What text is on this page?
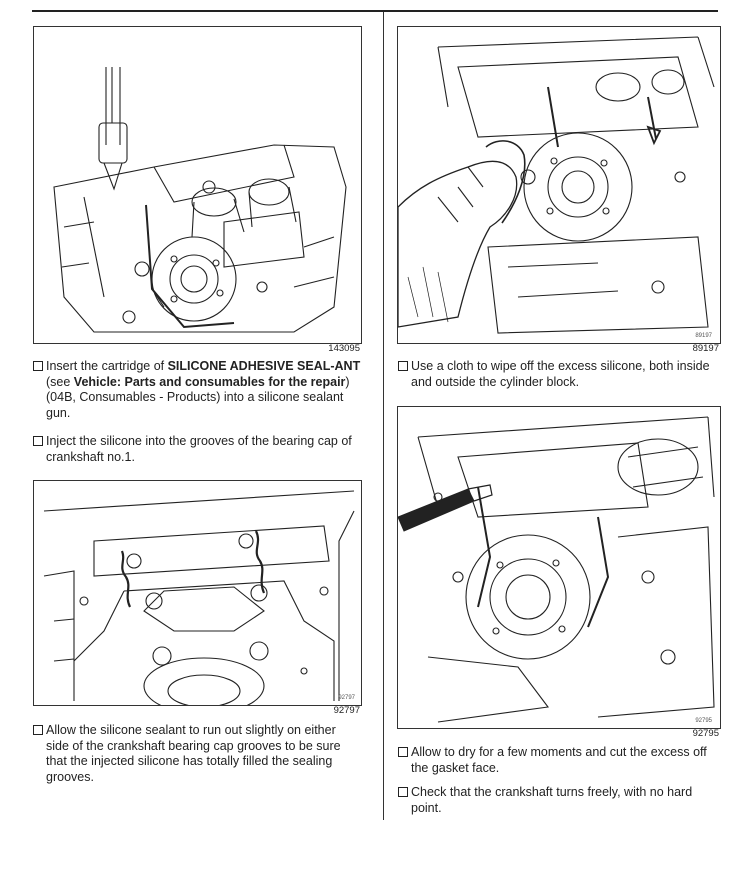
143095
Insert the cartridge of SILICONE ADHESIVE SEAL-ANT (see Vehicle: Parts and consumables for the repair) (04B, Consumables - Products) into a silicone sealant gun.
Inject the silicone into the grooves of the bearing cap of crankshaft no.1.
92797
92797
Allow the silicone sealant to run out slightly on either side of the crankshaft bearing cap grooves to be sure that the injected silicone has totally filled the sealing grooves.
89197
89197
Use a cloth to wipe off the excess silicone, both inside and outside the cylinder block.
92795
92795
Allow to dry for a few moments and cut the excess off the gasket face.
Check that the crankshaft turns freely, with no hard point.
